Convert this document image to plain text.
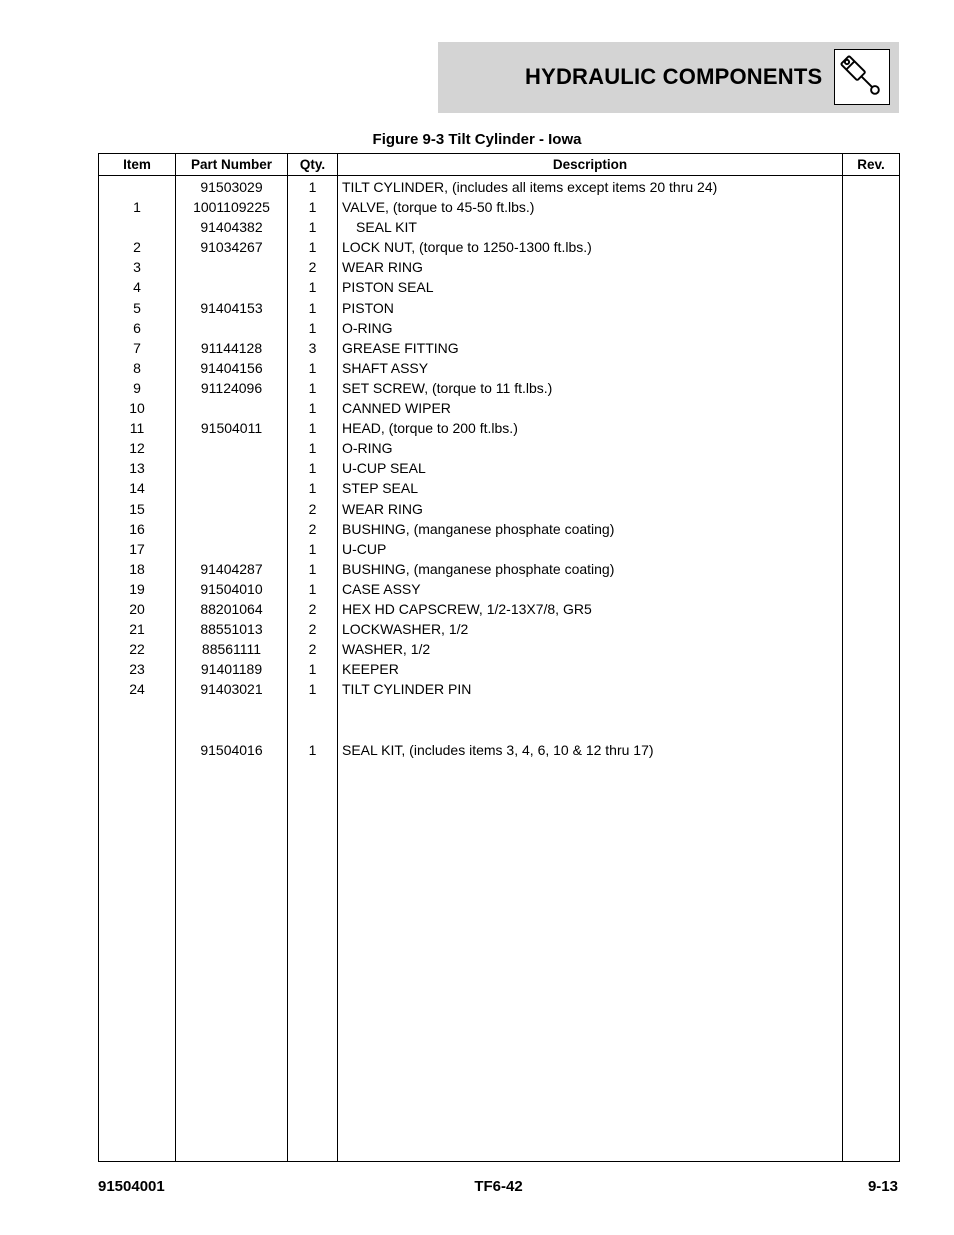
HYDRAULIC COMPONENTS
Figure 9-3 Tilt Cylinder - Iowa
Item	Part Number	Qty.	Description	Rev.
	91503029	1	TILT CYLINDER, (includes all items except items 20 thru 24)	
1	1001109225	1	VALVE, (torque to 45-50 ft.lbs.)	
	91404382	1	SEAL KIT	
2	91034267	1	LOCK NUT, (torque to 1250-1300 ft.lbs.)	
3		2	WEAR RING	
4		1	PISTON SEAL	
5	91404153	1	PISTON	
6		1	O-RING	
7	91144128	3	GREASE FITTING	
8	91404156	1	SHAFT ASSY	
9	91124096	1	SET SCREW, (torque to 11 ft.lbs.)	
10		1	CANNED WIPER	
11	91504011	1	HEAD, (torque to 200 ft.lbs.)	
12		1	O-RING	
13		1	U-CUP SEAL	
14		1	STEP SEAL	
15		2	WEAR RING	
16		2	BUSHING, (manganese phosphate coating)	
17		1	U-CUP	
18	91404287	1	BUSHING, (manganese phosphate coating)	
19	91504010	1	CASE ASSY	
20	88201064	2	HEX HD CAPSCREW, 1/2-13X7/8, GR5	
21	88551013	2	LOCKWASHER, 1/2	
22	88561111	2	WASHER, 1/2	
23	91401189	1	KEEPER	
24	91403021	1	TILT CYLINDER PIN	

	91504016	1	SEAL KIT, (includes items 3, 4, 6, 10 & 12 thru 17)	

91504001	TF6-42	9-13
